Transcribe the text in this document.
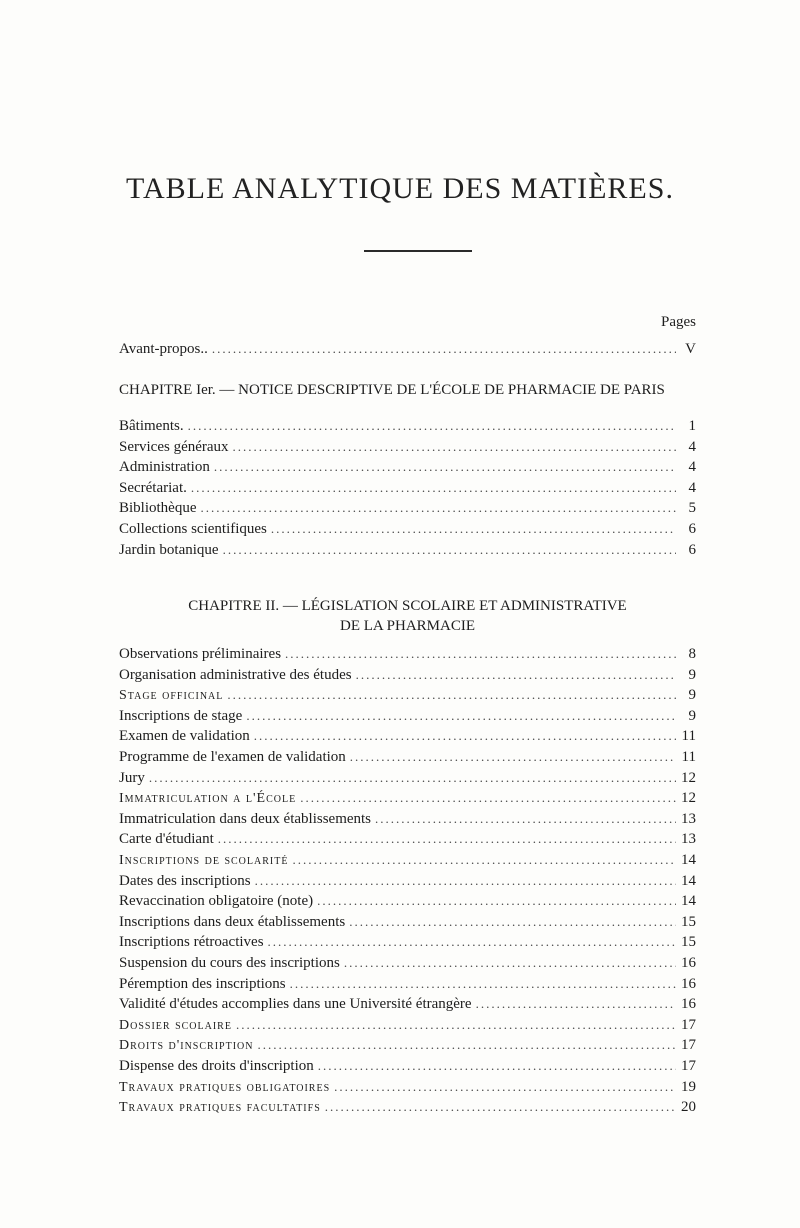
TABLE ANALYTIQUE DES MATIÈRES.
Pages
Avant-propos.. .....	V
CHAPITRE Ier. — NOTICE DESCRIPTIVE DE L'ÉCOLE DE PHARMACIE DE PARIS
Bâtiments. .....	1
Services généraux .....	4
Administration .....	4
Secrétariat. .....	4
Bibliothèque .....	5
Collections scientifiques .....	6
Jardin botanique .....	6
CHAPITRE II. — LÉGISLATION SCOLAIRE ET ADMINISTRATIVE
DE LA PHARMACIE
Observations préliminaires .....	8
Organisation administrative des études .....	9
Stage officinal .....	9
Inscriptions de stage .....	9
Examen de validation .....	11
Programme de l'examen de validation .....	11
Jury .....	12
Immatriculation a l'École .....	12
Immatriculation dans deux établissements .....	13
Carte d'étudiant .....	13
Inscriptions de scolarité .....	14
Dates des inscriptions .....	14
Revaccination obligatoire (note) .....	14
Inscriptions dans deux établissements .....	15
Inscriptions rétroactives .....	15
Suspension du cours des inscriptions .....	16
Péremption des inscriptions .....	16
Validité d'études accomplies dans une Université étrangère .....	16
Dossier scolaire .....	17
Droits d'inscription .....	17
Dispense des droits d'inscription .....	17
Travaux pratiques obligatoires .....	19
Travaux pratiques facultatifs .....	20
